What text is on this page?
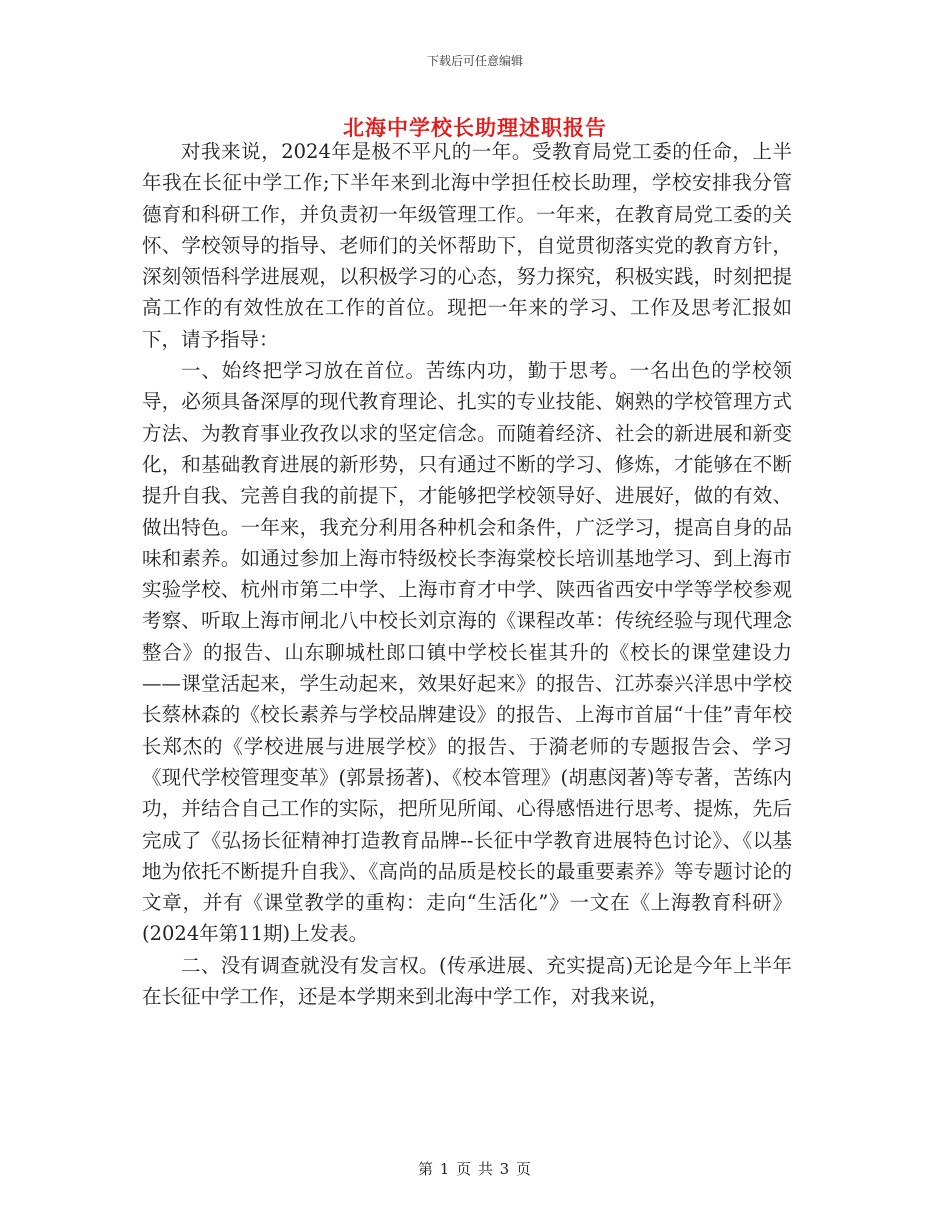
下载后可任意编辑
北海中学校长助理述职报告

对我来说，2024年是极不平凡的一年。受教育局党工委的任命，上半年我在长征中学工作;下半年来到北海中学担任校长助理，学校安排我分管德育和科研工作，并负责初一年级管理工作。一年来，在教育局党工委的关怀、学校领导的指导、老师们的关怀帮助下，自觉贯彻落实党的教育方针，深刻领悟科学进展观，以积极学习的心态，努力探究，积极实践，时刻把提高工作的有效性放在工作的首位。现把一年来的学习、工作及思考汇报如下，请予指导：

一、始终把学习放在首位。苦练内功，勤于思考。一名出色的学校领导，必须具备深厚的现代教育理论、扎实的专业技能、娴熟的学校管理方式方法、为教育事业孜孜以求的坚定信念。而随着经济、社会的新进展和新变化，和基础教育进展的新形势，只有通过不断的学习、修炼，才能够在不断提升自我、完善自我的前提下，才能够把学校领导好、进展好，做的有效、做出特色。一年来，我充分利用各种机会和条件，广泛学习，提高自身的品味和素养。如通过参加上海市特级校长李海棠校长培训基地学习、到上海市实验学校、杭州市第二中学、上海市育才中学、陕西省西安中学等学校参观考察、听取上海市闸北八中校长刘京海的《课程改革：传统经验与现代理念整合》的报告、山东聊城杜郎口镇中学校长崔其升的《校长的课堂建设力——课堂活起来，学生动起来，效果好起来》的报告、江苏泰兴洋思中学校长蔡林森的《校长素养与学校品牌建设》的报告、上海市首届“十佳”青年校长郑杰的《学校进展与进展学校》的报告、于漪老师的专题报告会、学习《现代学校管理变革》(郭景扬著)、《校本管理》(胡惠闵著)等专著，苦练内功，并结合自己工作的实际，把所见所闻、心得感悟进行思考、提炼，先后完成了《弘扬长征精神打造教育品牌--长征中学教育进展特色讨论》、《以基地为依托不断提升自我》、《高尚的品质是校长的最重要素养》等专题讨论的文章，并有《课堂教学的重构：走向“生活化”》一文在《上海教育科研》(2024年第11期)上发表。

二、没有调查就没有发言权。(传承进展、充实提高)无论是今年上半年在长征中学工作，还是本学期来到北海中学工作，对我来说，

第 1 页 共 3 页
